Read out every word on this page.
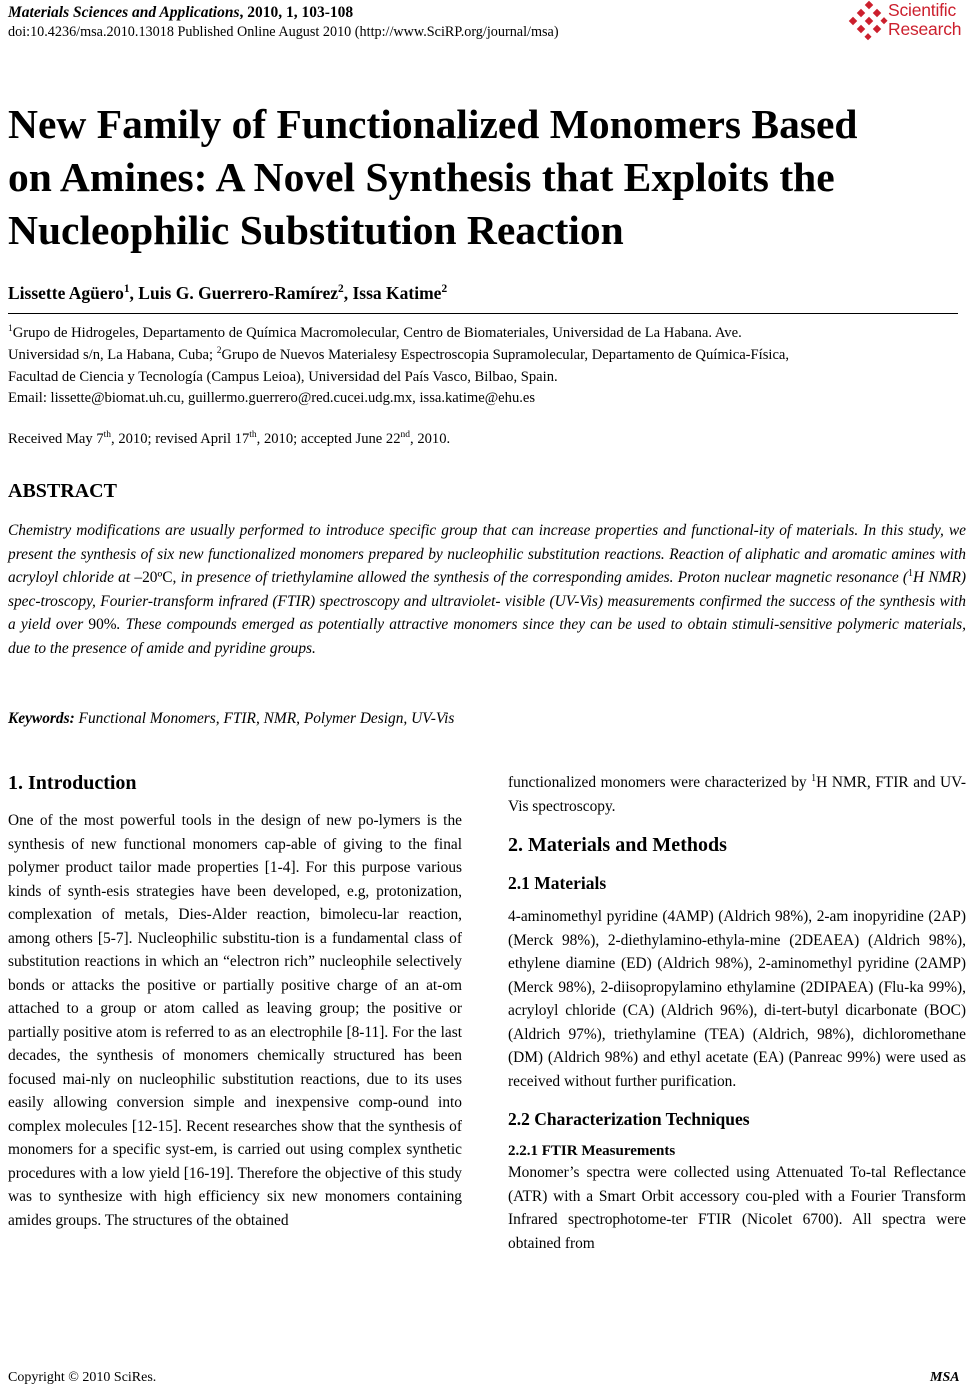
Materials Sciences and Applications, 2010, 1, 103-108
doi:10.4236/msa.2010.13018 Published Online August 2010 (http://www.SciRP.org/journal/msa)
Scientific
Research
New Family of Functionalized Monomers Based
on Amines: A Novel Synthesis that Exploits the
Nucleophilic Substitution Reaction
Lissette Agüero$^1$, Luis G. Guerrero-Ramírez$^2$, Issa Katime$^2$
$^1$Grupo de Hidrogeles, Departamento de Química Macromolecular, Centro de Biomateriales, Universidad de La Habana. Ave.
Universidad s/n, La Habana, Cuba; $^2$Grupo de Nuevos Materialesy Espectroscopia Supramolecular, Departamento de Química-Física,
Facultad de Ciencia y Tecnología (Campus Leioa), Universidad del País Vasco, Bilbao, Spain.
Email: lissette@biomat.uh.cu, guillermo.guerrero@red.cucei.udg.mx, issa.katime@ehu.es
Received May 7th, 2010; revised April 17th, 2010; accepted June 22nd, 2010.
ABSTRACT
Chemistry modifications are usually performed to introduce specific group that can increase properties and functional-ity of materials. In this study, we present the synthesis of six new functionalized monomers prepared by nucleophilic substitution reactions. Reaction of aliphatic and aromatic amines with acryloyl chloride at –20ºC, in presence of triethylamine allowed the synthesis of the corresponding amides. Proton nuclear magnetic resonance ($^1$H NMR) spec-troscopy, Fourier-transform infrared (FTIR) spectroscopy and ultraviolet- visible (UV-Vis) measurements confirmed the success of the synthesis with a yield over 90%. These compounds emerged as potentially attractive monomers since they can be used to obtain stimuli-sensitive polymeric materials, due to the presence of amide and pyridine groups.
Keywords: Functional Monomers, FTIR, NMR, Polymer Design, UV-Vis
1. Introduction
One of the most powerful tools in the design of new po-lymers is the synthesis of new functional monomers cap-able of giving to the final polymer product tailor made properties [1-4]. For this purpose various kinds of synth-esis strategies have been developed, e.g, protonization, complexation of metals, Dies-Alder reaction, bimolecu-lar reaction, among others [5-7]. Nucleophilic substitu-tion is a fundamental class of substitution reactions in which an “electron rich” nucleophile selectively bonds or attacks the positive or partially positive charge of an at-om attached to a group or atom called as leaving group; the positive or partially positive atom is referred to as an electrophile [8-11]. For the last decades, the synthesis of monomers chemically structured has been focused mai-nly on nucleophilic substitution reactions, due to its uses easily allowing conversion simple and inexpensive comp-ound into complex molecules [12-15]. Recent researches show that the synthesis of monomers for a specific syst-em, is carried out using complex synthetic procedures with a low yield [16-19]. Therefore the objective of this study was to synthesize with high efficiency six new monomers containing amides groups. The structures of the obtained

functionalized monomers were characterized by $^1$H NMR, FTIR and UV-Vis spectroscopy.

2. Materials and Methods
2.1 Materials

4-aminomethyl pyridine (4AMP) (Aldrich 98%), 2-am inopyridine (2AP) (Merck 98%), 2-diethylamino-ethyla-mine (2DEAEA) (Aldrich 98%), ethylene diamine (ED) (Aldrich 98%), 2-aminomethyl pyridine (2AMP) (Merck 98%), 2-diisopropylamino ethylamine (2DIPAEA) (Flu-ka 99%), acryloyl chloride (CA) (Aldrich 96%), di-tert-butyl dicarbonate (BOC) (Aldrich 97%), triethylamine (TEA) (Aldrich, 98%), dichloromethane (DM) (Aldrich 98%) and ethyl acetate (EA) (Panreac 99%) were used as received without further purification.

2.2 Characterization Techniques
2.2.1 FTIR Measurements

Monomer’s spectra were collected using Attenuated To-tal Reflectance (ATR) with a Smart Orbit accessory cou-pled with a Fourier Transform Infrared spectrophotome-ter FTIR (Nicolet 6700). All spectra were obtained from

Copyright © 2010 SciRes.	MSA
